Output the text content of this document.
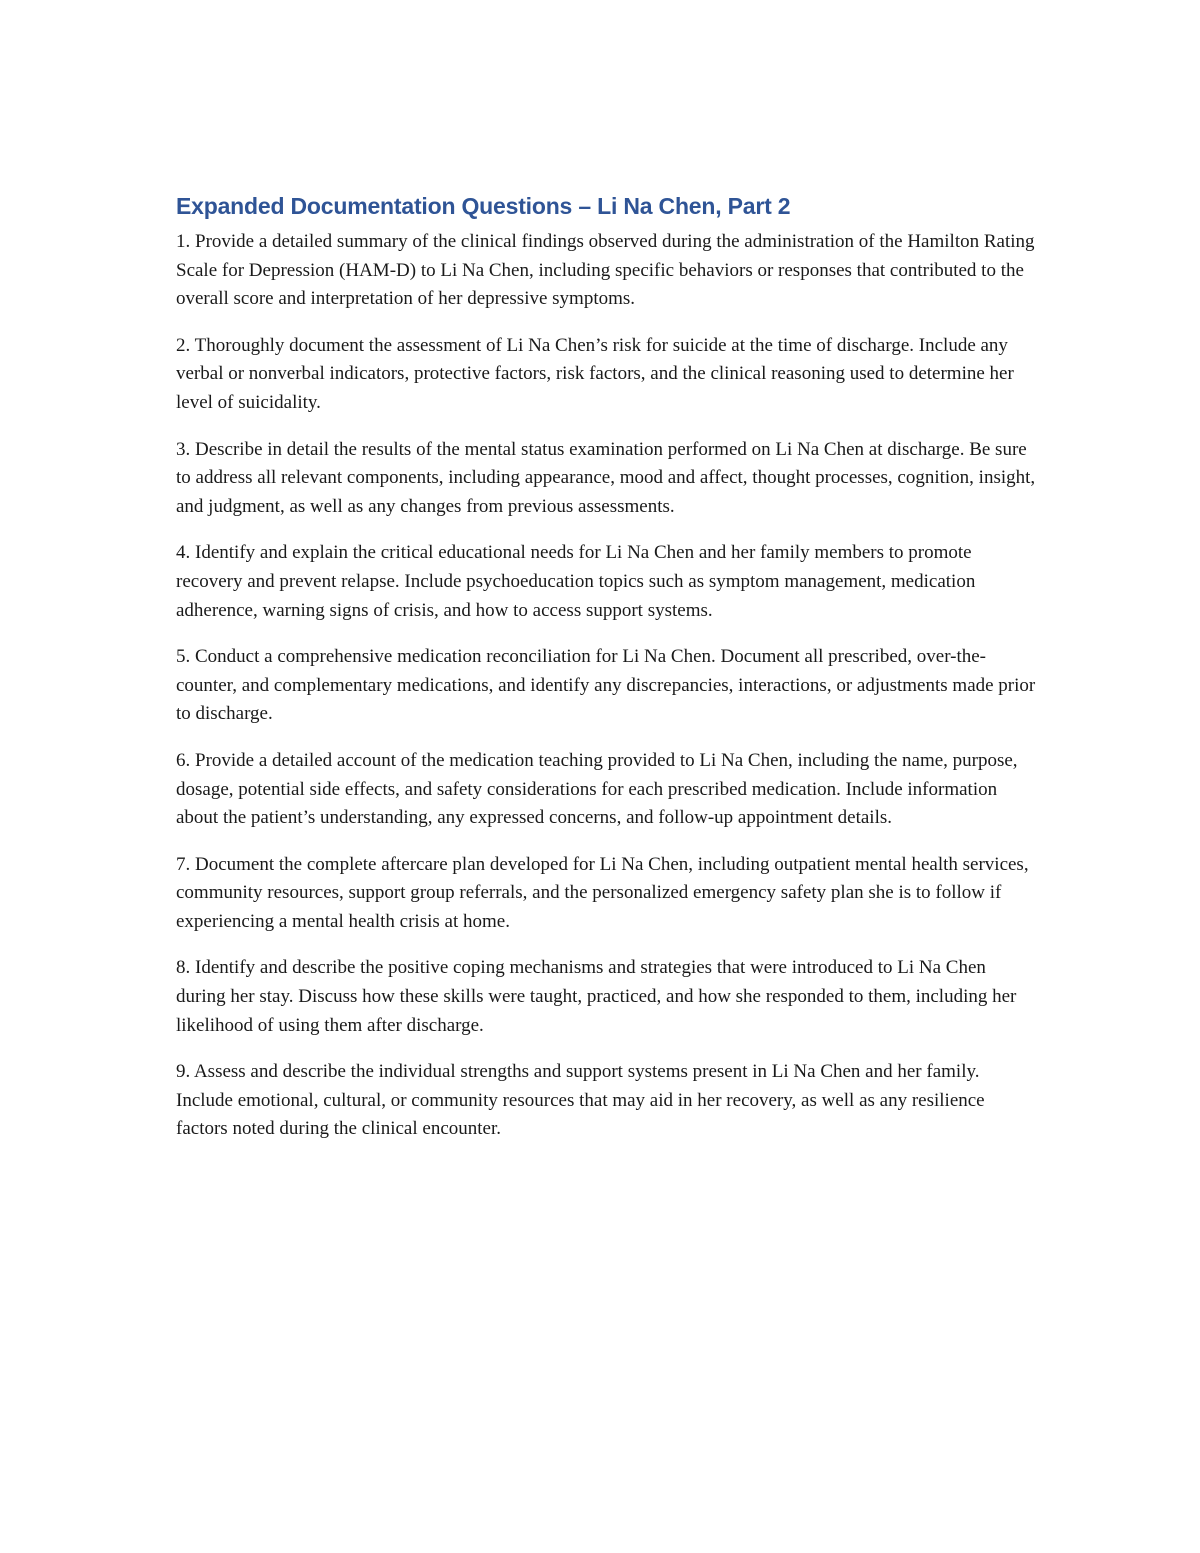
Expanded Documentation Questions – Li Na Chen, Part 2

1. Provide a detailed summary of the clinical findings observed during the administration of the Hamilton Rating Scale for Depression (HAM-D) to Li Na Chen, including specific behaviors or responses that contributed to the overall score and interpretation of her depressive symptoms.

2. Thoroughly document the assessment of Li Na Chen’s risk for suicide at the time of discharge. Include any verbal or nonverbal indicators, protective factors, risk factors, and the clinical reasoning used to determine her level of suicidality.

3. Describe in detail the results of the mental status examination performed on Li Na Chen at discharge. Be sure to address all relevant components, including appearance, mood and affect, thought processes, cognition, insight, and judgment, as well as any changes from previous assessments.

4. Identify and explain the critical educational needs for Li Na Chen and her family members to promote recovery and prevent relapse. Include psychoeducation topics such as symptom management, medication adherence, warning signs of crisis, and how to access support systems.

5. Conduct a comprehensive medication reconciliation for Li Na Chen. Document all prescribed, over-the-counter, and complementary medications, and identify any discrepancies, interactions, or adjustments made prior to discharge.

6. Provide a detailed account of the medication teaching provided to Li Na Chen, including the name, purpose, dosage, potential side effects, and safety considerations for each prescribed medication. Include information about the patient’s understanding, any expressed concerns, and follow-up appointment details.

7. Document the complete aftercare plan developed for Li Na Chen, including outpatient mental health services, community resources, support group referrals, and the personalized emergency safety plan she is to follow if experiencing a mental health crisis at home.

8. Identify and describe the positive coping mechanisms and strategies that were introduced to Li Na Chen during her stay. Discuss how these skills were taught, practiced, and how she responded to them, including her likelihood of using them after discharge.

9. Assess and describe the individual strengths and support systems present in Li Na Chen and her family. Include emotional, cultural, or community resources that may aid in her recovery, as well as any resilience factors noted during the clinical encounter.
